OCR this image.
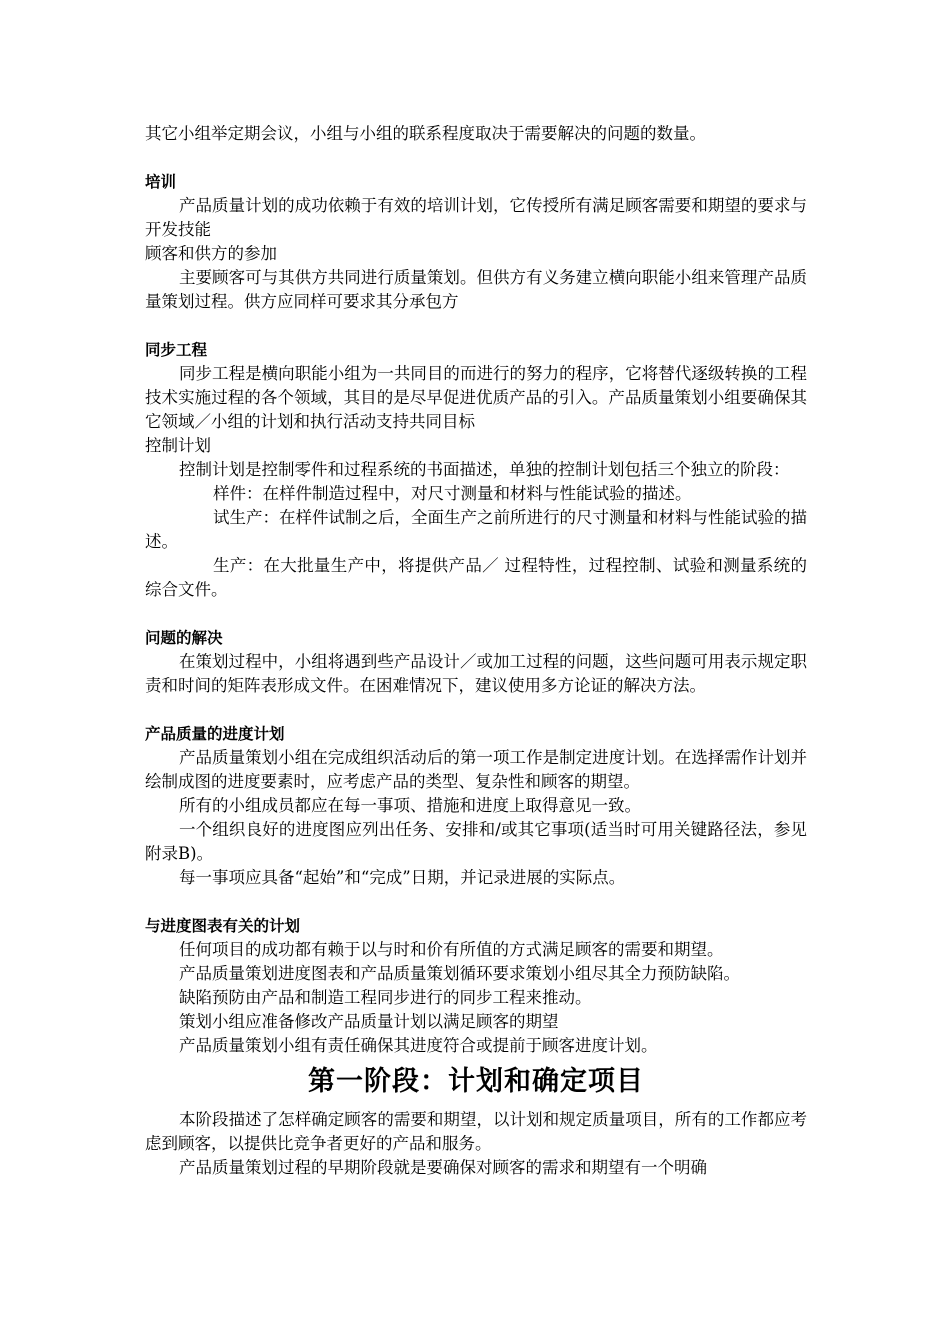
其它小组举定期会议，小组与小组的联系程度取决于需要解决的问题的数量。

培训

产品质量计划的成功依赖于有效的培训计划，它传授所有满足顾客需要和期望的要求与开发技能

顾客和供方的参加

主要顾客可与其供方共同进行质量策划。但供方有义务建立横向职能小组来管理产品质量策划过程。供方应同样可要求其分承包方

同步工程

同步工程是横向职能小组为一共同目的而进行的努力的程序，它将替代逐级转换的工程技术实施过程的各个领域，其目的是尽早促进优质产品的引入。产品质量策划小组要确保其它领域／小组的计划和执行活动支持共同目标

控制计划

控制计划是控制零件和过程系统的书面描述，单独的控制计划包括三个独立的阶段：

样件：在样件制造过程中，对尺寸测量和材料与性能试验的描述。

试生产：在样件试制之后，全面生产之前所进行的尺寸测量和材料与性能试验的描述。

生产：在大批量生产中，将提供产品／ 过程特性，过程控制、试验和测量系统的综合文件。

问题的解决

在策划过程中，小组将遇到些产品设计／或加工过程的问题，这些问题可用表示规定职责和时间的矩阵表形成文件。在困难情况下，建议使用多方论证的解决方法。

产品质量的进度计划

产品质量策划小组在完成组织活动后的第一项工作是制定进度计划。在选择需作计划并绘制成图的进度要素时，应考虑产品的类型、复杂性和顾客的期望。

所有的小组成员都应在每一事项、措施和进度上取得意见一致。

一个组织良好的进度图应列出任务、安排和/或其它事项(适当时可用关键路径法，参见附录B)。

每一事项应具备“起始”和“完成”日期，并记录进展的实际点。

与进度图表有关的计划

任何项目的成功都有赖于以与时和价有所值的方式满足顾客的需要和期望。

产品质量策划进度图表和产品质量策划循环要求策划小组尽其全力预防缺陷。

缺陷预防由产品和制造工程同步进行的同步工程来推动。

策划小组应准备修改产品质量计划以满足顾客的期望

产品质量策划小组有责任确保其进度符合或提前于顾客进度计划。

第一阶段：计划和确定项目

本阶段描述了怎样确定顾客的需要和期望，以计划和规定质量项目，所有的工作都应考虑到顾客，以提供比竞争者更好的产品和服务。

产品质量策划过程的早期阶段就是要确保对顾客的需求和期望有一个明确
